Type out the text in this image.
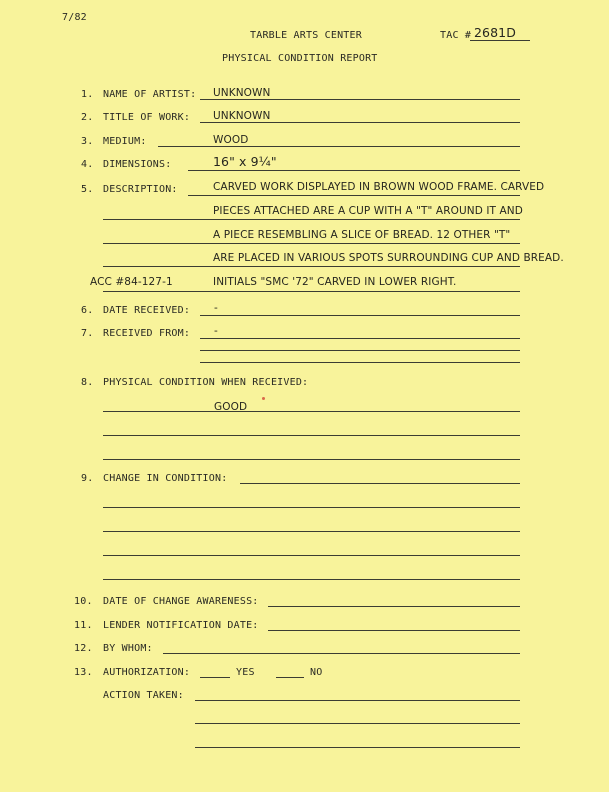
7/82
TARBLE ARTS CENTER	TAC # 2681D
PHYSICAL CONDITION REPORT
1. NAME OF ARTIST: UNKNOWN
2. TITLE OF WORK: UNKNOWN
3. MEDIUM:	WOOD
4. DIMENSIONS:	16" x 9¼"
5. DESCRIPTION:	CARVED WORK DISPLAYED IN BROWN WOOD FRAME. CARVED
PIECES ATTACHED ARE A CUP WITH A "T" AROUND IT AND
A PIECE RESEMBLING A SLICE OF BREAD. 12 OTHER "T"
ARE PLACED IN VARIOUS SPOTS SURROUNDING CUP AND BREAD.
ACC #84-127-1	INITIALS "SMC '72" CARVED IN LOWER RIGHT.
6. DATE RECEIVED: -
7. RECEIVED FROM: -
8. PHYSICAL CONDITION WHEN RECEIVED:
GOOD
9. CHANGE IN CONDITION:
10. DATE OF CHANGE AWARENESS:
11. LENDER NOTIFICATION DATE:
12. BY WHOM:
13. AUTHORIZATION:	YES	NO
ACTION TAKEN:
